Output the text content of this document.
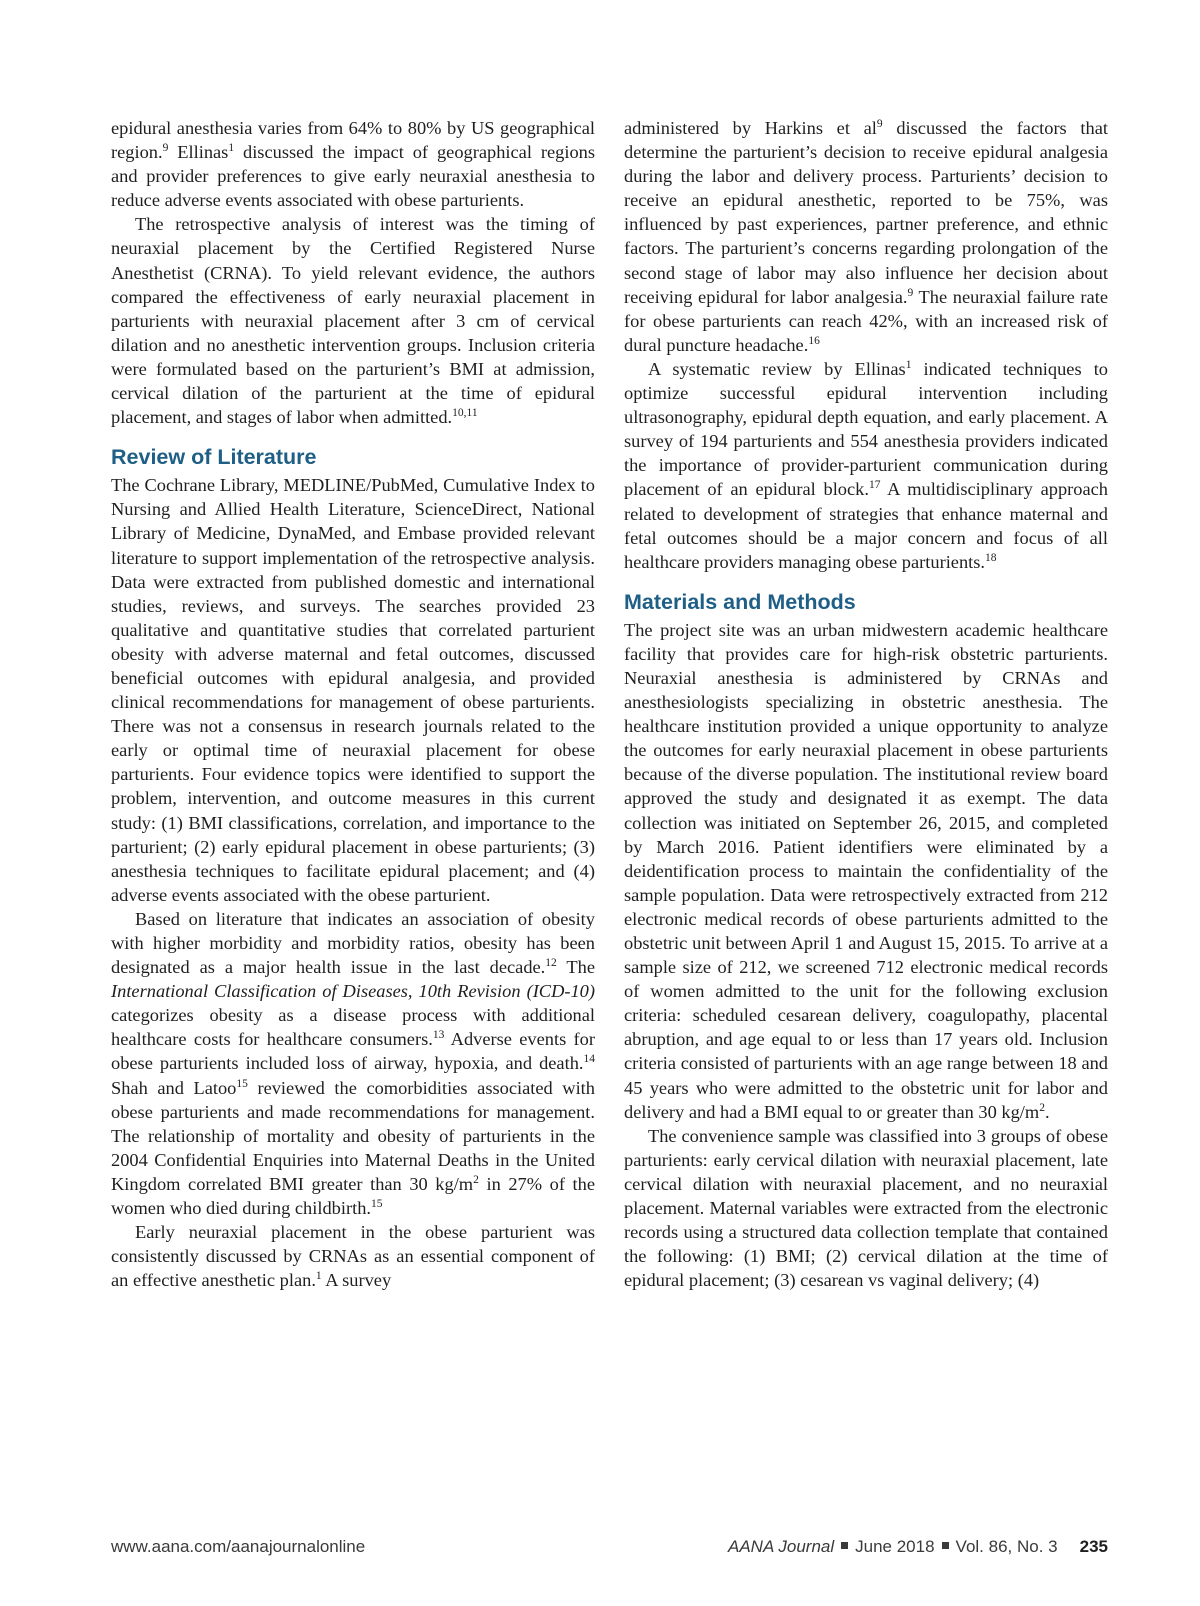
epidural anesthesia varies from 64% to 80% by US geographical region.$^9$ Ellinas$^1$ discussed the impact of geographical regions and provider preferences to give early neuraxial anesthesia to reduce adverse events associated with obese parturients.

The retrospective analysis of interest was the timing of neuraxial placement by the Certified Registered Nurse Anesthetist (CRNA). To yield relevant evidence, the authors compared the effectiveness of early neuraxial placement in parturients with neuraxial placement after 3 cm of cervical dilation and no anesthetic intervention groups. Inclusion criteria were formulated based on the parturient’s BMI at admission, cervical dilation of the parturient at the time of epidural placement, and stages of labor when admitted.$^{10,11}$

Review of Literature

The Cochrane Library, MEDLINE/PubMed, Cumulative Index to Nursing and Allied Health Literature, ScienceDirect, National Library of Medicine, DynaMed, and Embase provided relevant literature to support implementation of the retrospective analysis. Data were extracted from published domestic and international studies, reviews, and surveys. The searches provided 23 qualitative and quantitative studies that correlated parturient obesity with adverse maternal and fetal outcomes, discussed beneficial outcomes with epidural analgesia, and provided clinical recommendations for management of obese parturients. There was not a consensus in research journals related to the early or optimal time of neuraxial placement for obese parturients. Four evidence topics were identified to support the problem, intervention, and outcome measures in this current study: (1) BMI classifications, correlation, and importance to the parturient; (2) early epidural placement in obese parturients; (3) anesthesia techniques to facilitate epidural placement; and (4) adverse events associated with the obese parturient.

Based on literature that indicates an association of obesity with higher morbidity and morbidity ratios, obesity has been designated as a major health issue in the last decade.$^{12}$ The International Classification of Diseases, 10th Revision (ICD-10) categorizes obesity as a disease process with additional healthcare costs for healthcare consumers.$^{13}$ Adverse events for obese parturients included loss of airway, hypoxia, and death.$^{14}$ Shah and Latoo$^{15}$ reviewed the comorbidities associated with obese parturients and made recommendations for management. The relationship of mortality and obesity of parturients in the 2004 Confidential Enquiries into Maternal Deaths in the United Kingdom correlated BMI greater than 30 $kg/m^2$ in 27% of the women who died during childbirth.$^{15}$

Early neuraxial placement in the obese parturient was consistently discussed by CRNAs as an essential component of an effective anesthetic plan.$^1$ A survey

administered by Harkins et $al^9$ discussed the factors that determine the parturient’s decision to receive epidural analgesia during the labor and delivery process. Parturients’ decision to receive an epidural anesthetic, reported to be 75%, was influenced by past experiences, partner preference, and ethnic factors. The parturient’s concerns regarding prolongation of the second stage of labor may also influence her decision about receiving epidural for labor analgesia.$^9$ The neuraxial failure rate for obese parturients can reach 42%, with an increased risk of dural puncture headache.$^{16}$

A systematic review by Ellinas$^1$ indicated techniques to optimize successful epidural intervention including ultrasonography, epidural depth equation, and early placement. A survey of 194 parturients and 554 anesthesia providers indicated the importance of provider-parturient communication during placement of an epidural block.$^{17}$ A multidisciplinary approach related to development of strategies that enhance maternal and fetal outcomes should be a major concern and focus of all healthcare providers managing obese parturients.$^{18}$

Materials and Methods

The project site was an urban midwestern academic healthcare facility that provides care for high-risk obstetric parturients. Neuraxial anesthesia is administered by CRNAs and anesthesiologists specializing in obstetric anesthesia. The healthcare institution provided a unique opportunity to analyze the outcomes for early neuraxial placement in obese parturients because of the diverse population. The institutional review board approved the study and designated it as exempt. The data collection was initiated on September 26, 2015, and completed by March 2016. Patient identifiers were eliminated by a deidentification process to maintain the confidentiality of the sample population. Data were retrospectively extracted from 212 electronic medical records of obese parturients admitted to the obstetric unit between April 1 and August 15, 2015. To arrive at a sample size of 212, we screened 712 electronic medical records of women admitted to the unit for the following exclusion criteria: scheduled cesarean delivery, coagulopathy, placental abruption, and age equal to or less than 17 years old. Inclusion criteria consisted of parturients with an age range between 18 and 45 years who were admitted to the obstetric unit for labor and delivery and had a BMI equal to or greater than 30 $kg/m^2$.

The convenience sample was classified into 3 groups of obese parturients: early cervical dilation with neuraxial placement, late cervical dilation with neuraxial placement, and no neuraxial placement. Maternal variables were extracted from the electronic records using a structured data collection template that contained the following: (1) BMI; (2) cervical dilation at the time of epidural placement; (3) cesarean vs vaginal delivery; (4)

www.aana.com/aanajournalonline	AANA Journal June 2018 Vol. 86, No. 3 235
